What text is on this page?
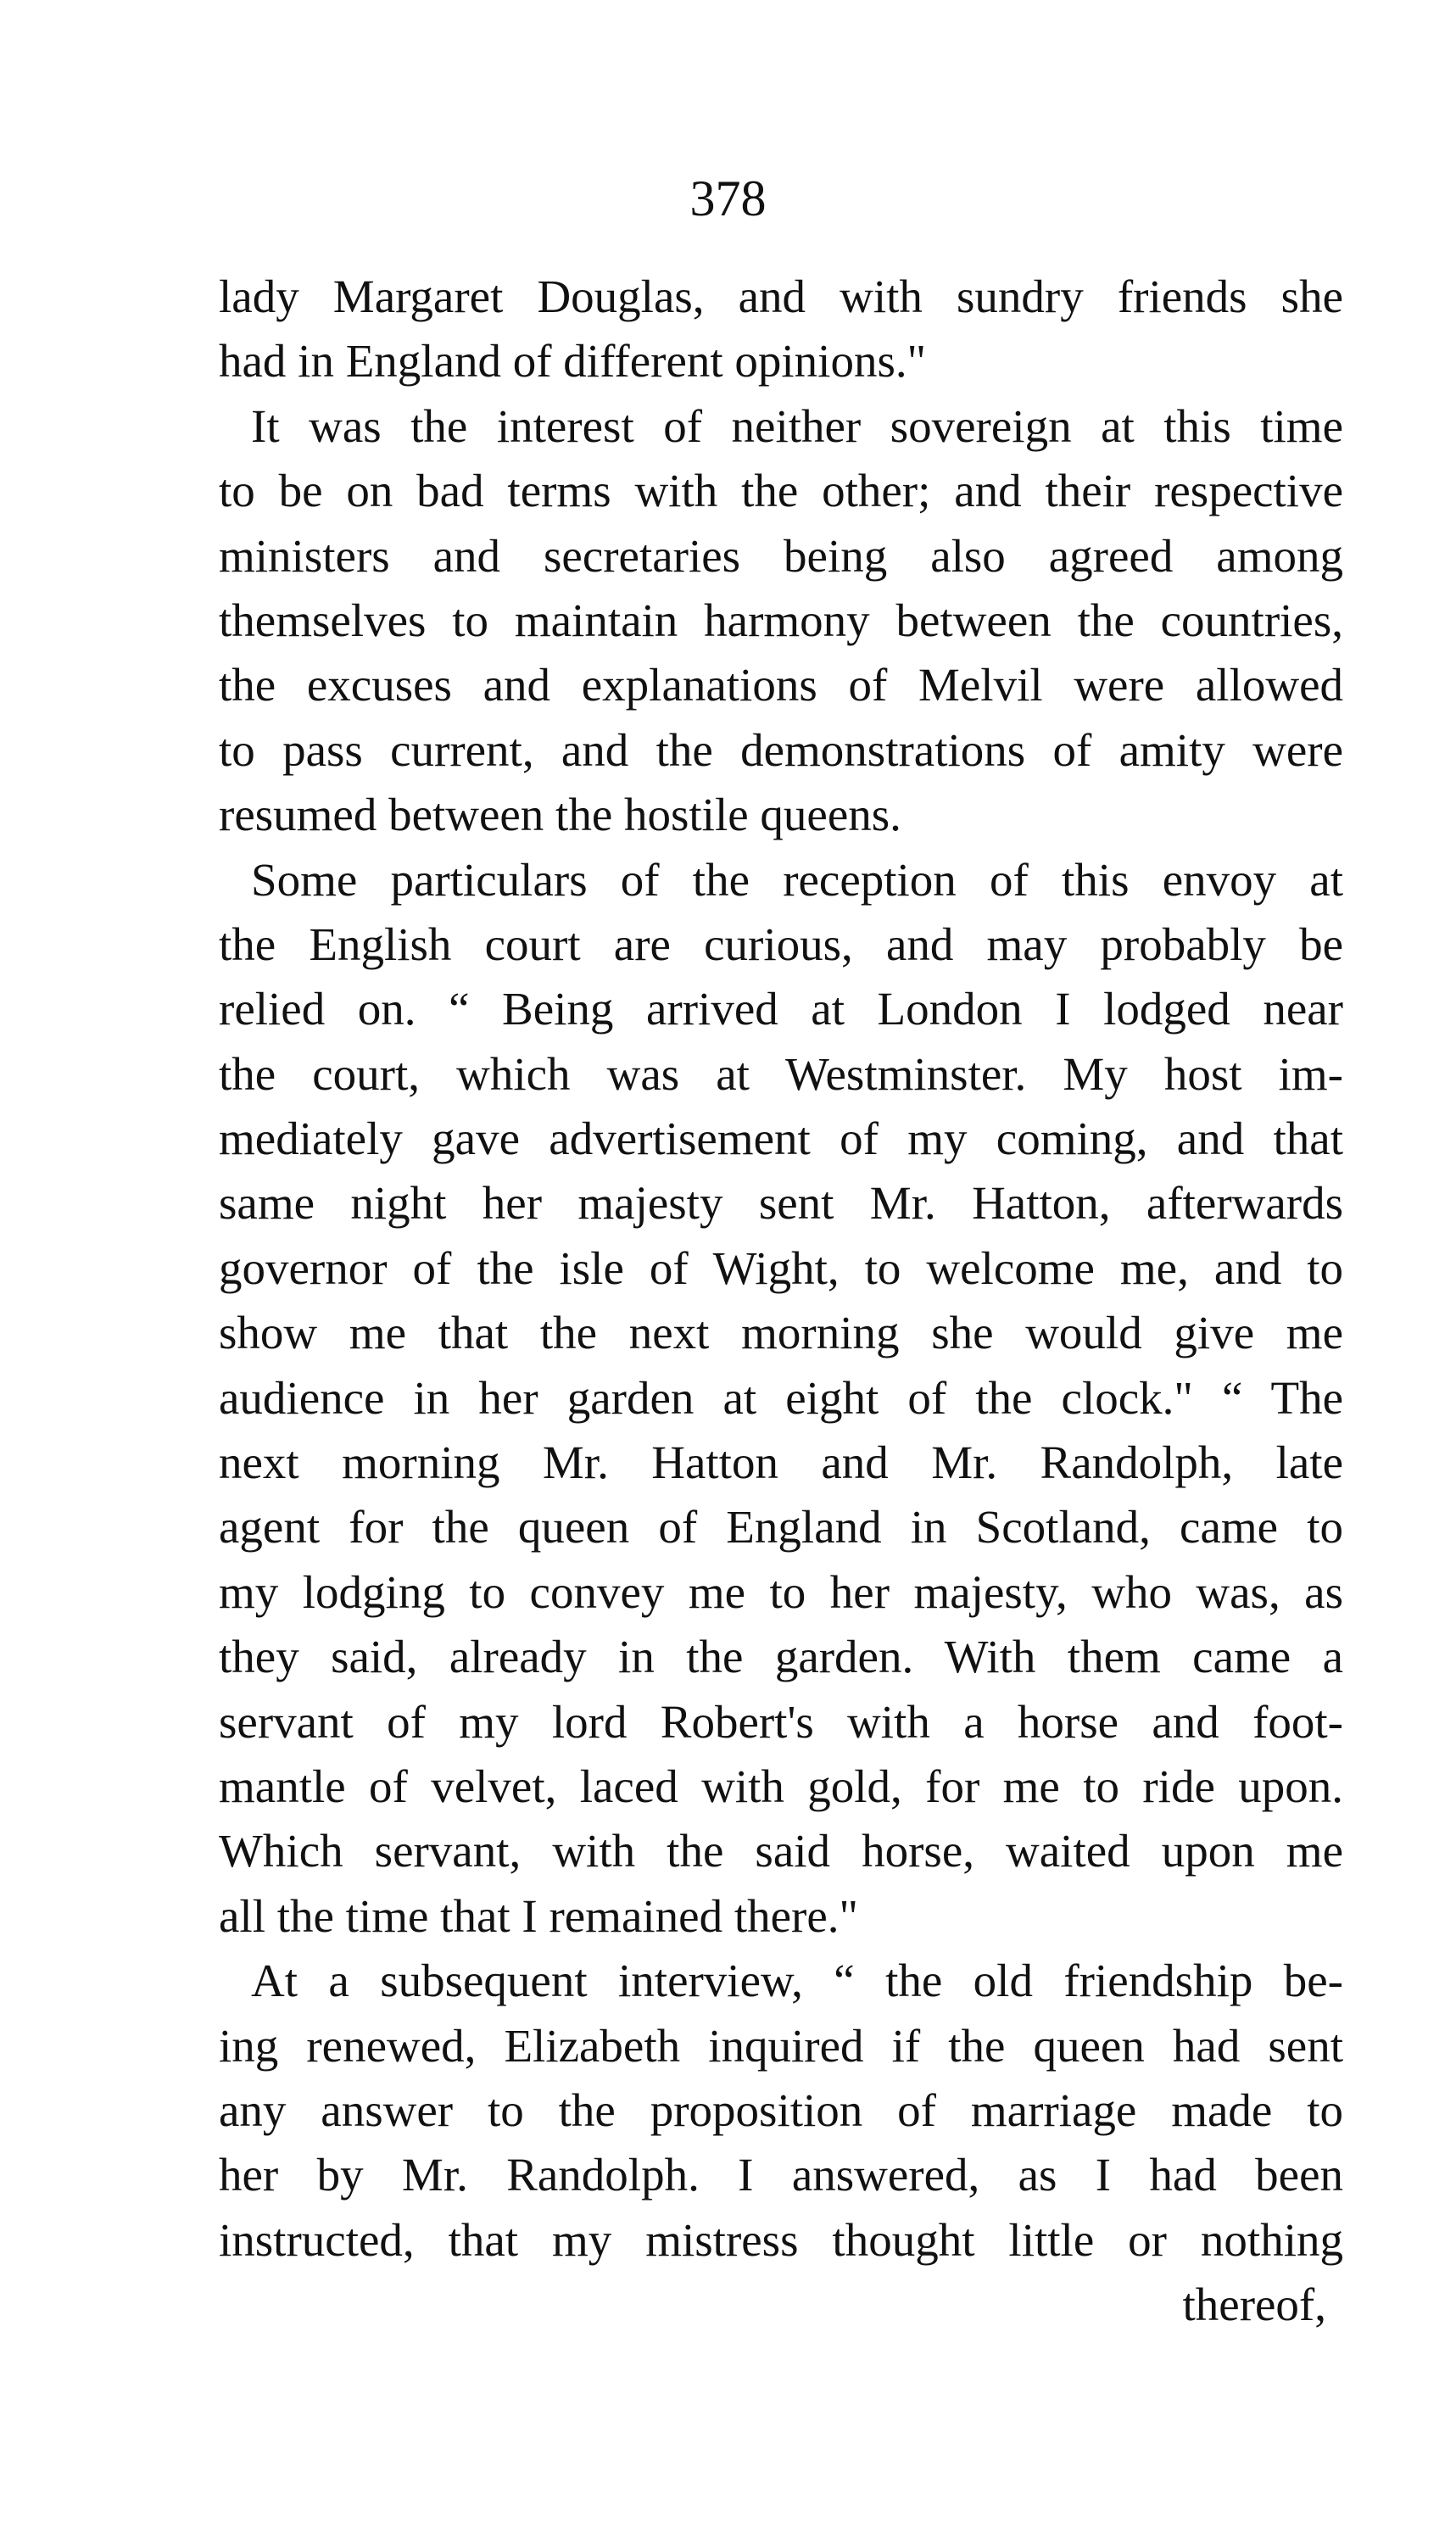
378
lady Margaret Douglas, and with sundry friends she
had in England of different opinions."
It was the interest of neither sovereign at this time
to be on bad terms with the other; and their respective
ministers and secretaries being also agreed among
themselves to maintain harmony between the countries,
the excuses and explanations of Melvil were allowed
to pass current, and the demonstrations of amity were
resumed between the hostile queens.
Some particulars of the reception of this envoy at
the English court are curious, and may probably be
relied on. “ Being arrived at London I lodged near
the court, which was at Westminster. My host im-
mediately gave advertisement of my coming, and that
same night her majesty sent Mr. Hatton, afterwards
governor of the isle of Wight, to welcome me, and to
show me that the next morning she would give me
audience in her garden at eight of the clock." “ The
next morning Mr. Hatton and Mr. Randolph, late
agent for the queen of England in Scotland, came to
my lodging to convey me to her majesty, who was, as
they said, already in the garden. With them came a
servant of my lord Robert's with a horse and foot-
mantle of velvet, laced with gold, for me to ride upon.
Which servant, with the said horse, waited upon me
all the time that I remained there."
At a subsequent interview, “ the old friendship be-
ing renewed, Elizabeth inquired if the queen had sent
any answer to the proposition of marriage made to
her by Mr. Randolph. I answered, as I had been
instructed, that my mistress thought little or nothing
thereof,
